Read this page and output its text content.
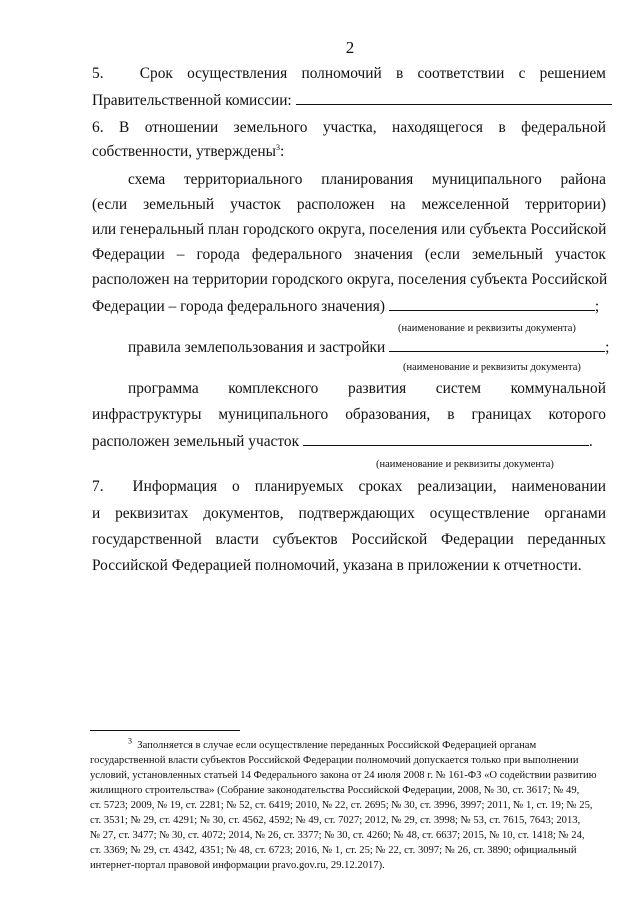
2
5. Срок осуществления полномочий в соответствии с решением
Правительственной комиссии:
6. В отношении земельного участка, находящегося в федеральной
собственности, утверждены$^3$:
схема территориального планирования муниципального района
(если земельный участок расположен на межселенной территории)
или генеральный план городского округа, поселения или субъекта Российской
Федерации – города федерального значения (если земельный участок
расположен на территории городского округа, поселения субъекта Российской
Федерации – города федерального значения)	;
(наименование и реквизиты документа)
правила землепользования и застройки	;
(наименование и реквизиты документа)
программа комплексного развития систем коммунальной
инфраструктуры муниципального образования, в границах которого
расположен земельный участок	.
(наименование и реквизиты документа)
7. Информация о планируемых сроках реализации, наименовании
и реквизитах документов, подтверждающих осуществление органами
государственной власти субъектов Российской Федерации переданных
Российской Федерацией полномочий, указана в приложении к отчетности.
$^3$ Заполняется в случае если осуществление переданных Российской Федерацией органам
государственной власти субъектов Российской Федерации полномочий допускается только при выполнении
условий, установленных статьей 14 Федерального закона от 24 июля 2008 г. № 161-ФЗ «О содействии развитию
жилищного строительства» (Собрание законодательства Российской Федерации, 2008, № 30, ст. 3617; № 49,
ст. 5723; 2009, № 19, ст. 2281; № 52, ст. 6419; 2010, № 22, ст. 2695; № 30, ст. 3996, 3997; 2011, № 1, ст. 19; № 25,
ст. 3531; № 29, ст. 4291; № 30, ст. 4562, 4592; № 49, ст. 7027; 2012, № 29, ст. 3998; № 53, ст. 7615, 7643; 2013,
№ 27, ст. 3477; № 30, ст. 4072; 2014, № 26, ст. 3377; № 30, ст. 4260; № 48, ст. 6637; 2015, № 10, ст. 1418; № 24,
ст. 3369; № 29, ст. 4342, 4351; № 48, ст. 6723; 2016, № 1, ст. 25; № 22, ст. 3097; № 26, ст. 3890; официальный
интернет-портал правовой информации pravo.gov.ru, 29.12.2017).
